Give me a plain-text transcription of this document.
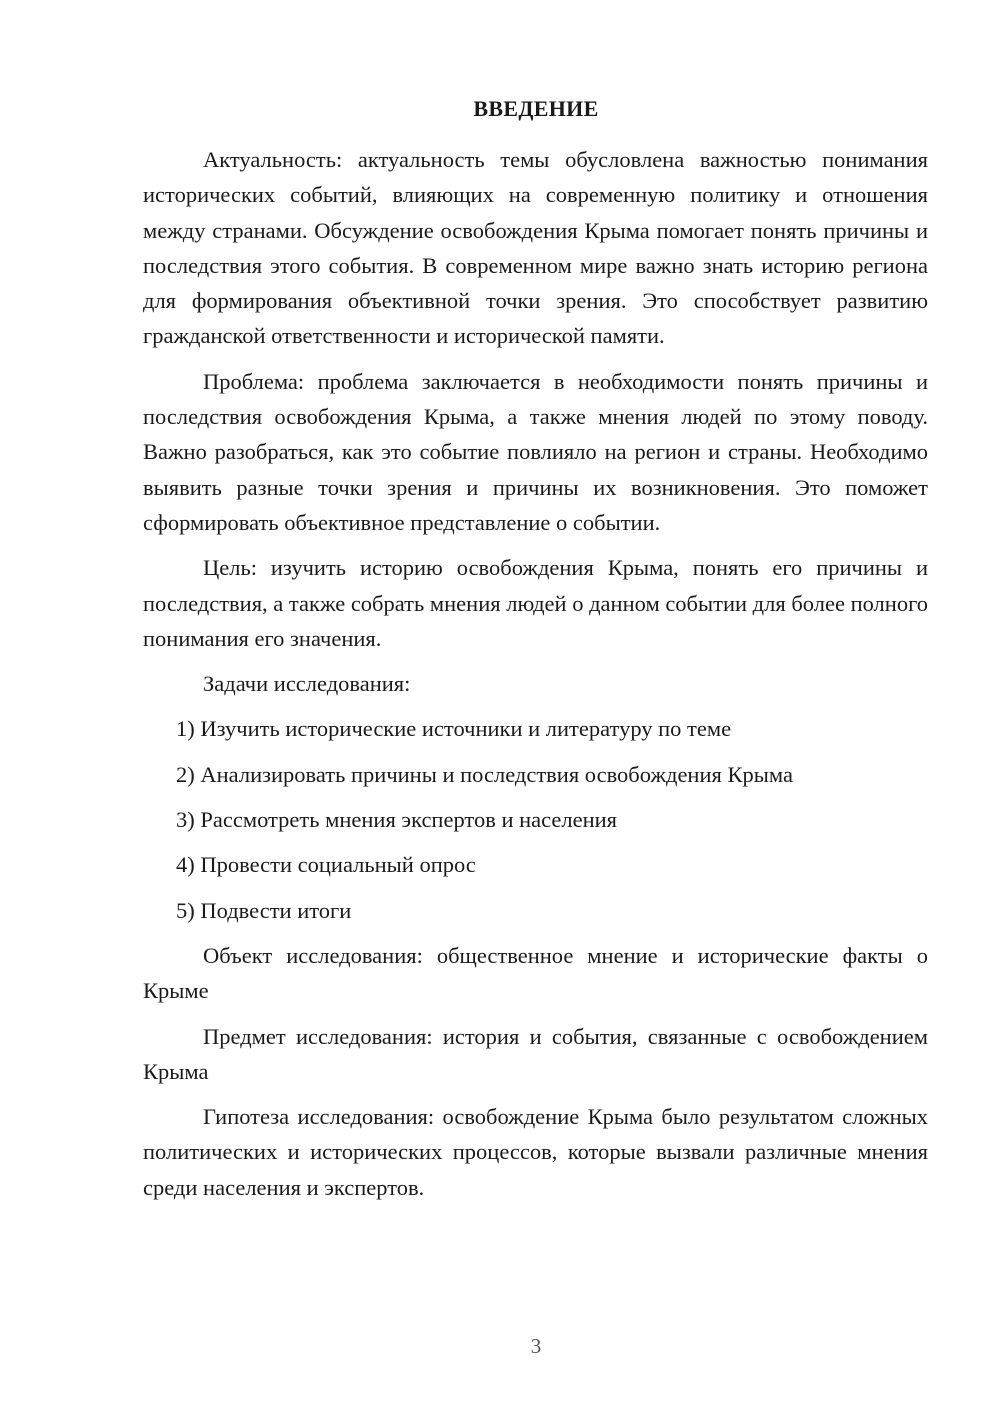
ВВЕДЕНИЕ

Актуальность: актуальность темы обусловлена важностью понимания исторических событий, влияющих на современную политику и отношения между странами. Обсуждение освобождения Крыма помогает понять причины и последствия этого события. В современном мире важно знать историю региона для формирования объективной точки зрения. Это способствует развитию гражданской ответственности и исторической памяти.

Проблема: проблема заключается в необходимости понять причины и последствия освобождения Крыма, а также мнения людей по этому поводу. Важно разобраться, как это событие повлияло на регион и страны. Необходимо выявить разные точки зрения и причины их возникновения. Это поможет сформировать объективное представление о событии.

Цель: изучить историю освобождения Крыма, понять его причины и последствия, а также собрать мнения людей о данном событии для более полного понимания его значения.

Задачи исследования:

1) Изучить исторические источники и литературу по теме

2) Анализировать причины и последствия освобождения Крыма

3) Рассмотреть мнения экспертов и населения

4) Провести социальный опрос

5) Подвести итоги

Объект исследования: общественное мнение и исторические факты о Крыме

Предмет исследования: история и события, связанные с освобождением Крыма

Гипотеза исследования: освобождение Крыма было результатом сложных политических и исторических процессов, которые вызвали различные мнения среди населения и экспертов.

3
